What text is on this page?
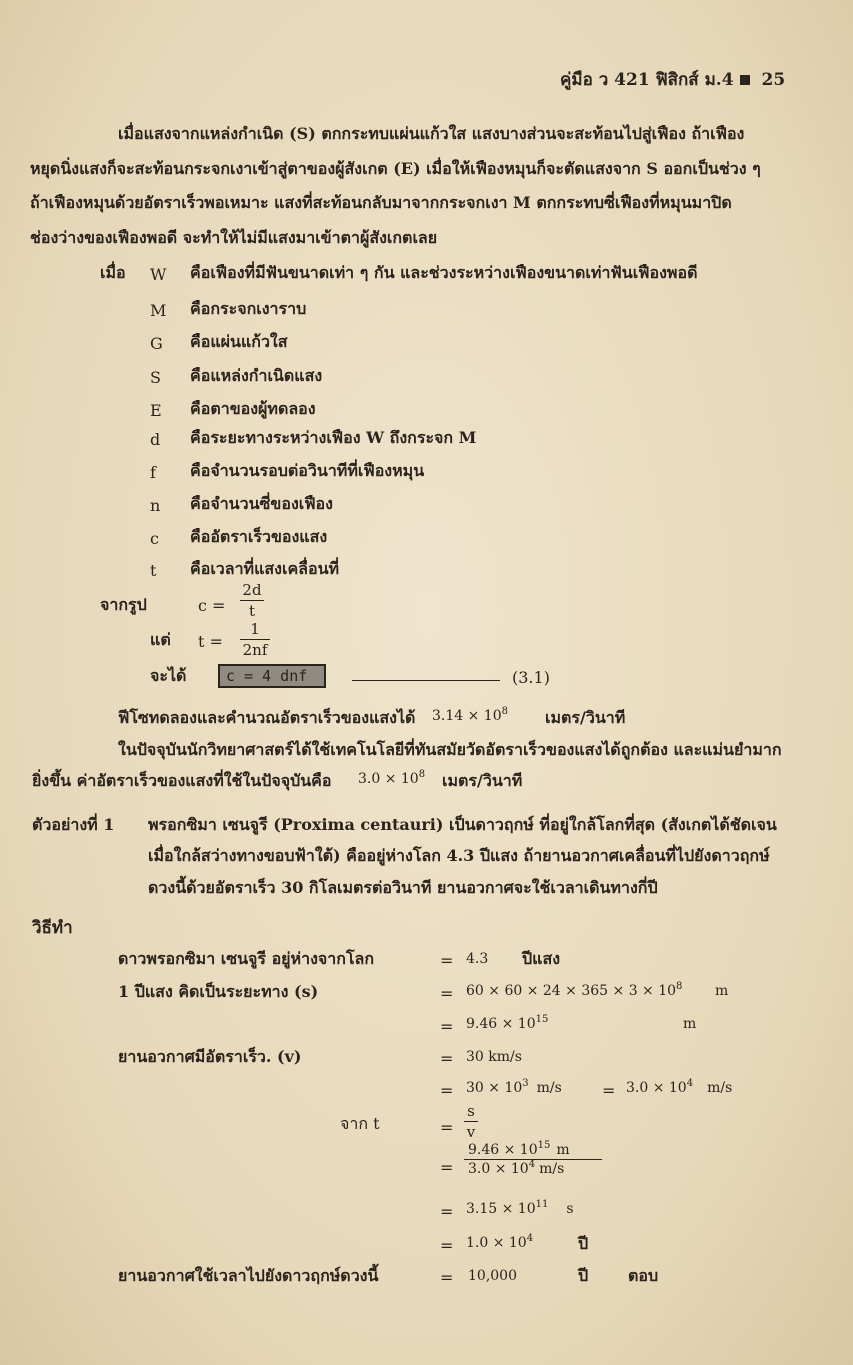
คู่มือ ว 421 ฟิสิกส์ ม.4 25
เมื่อแสงจากแหล่งกำเนิด (S) ตกกระทบแผ่นแก้วใส แสงบางส่วนจะสะท้อนไปสู่เฟือง ถ้าเฟือง
หยุดนิ่งแสงก็จะสะท้อนกระจกเงาเข้าสู่ตาของผู้สังเกต (E) เมื่อให้เฟืองหมุนก็จะตัดแสงจาก S ออกเป็นช่วง ๆ
ถ้าเฟืองหมุนด้วยอัตราเร็วพอเหมาะ แสงที่สะท้อนกลับมาจากกระจกเงา M ตกกระทบซี่เฟืองที่หมุนมาปิด
ช่องว่างของเฟืองพอดี จะทำให้ไม่มีแสงมาเข้าตาผู้สังเกตเลย
เมื่อ W คือเฟืองที่มีฟันขนาดเท่า ๆ กัน และช่วงระหว่างเฟืองขนาดเท่าฟันเฟืองพอดี
M คือกระจกเงาราบ
G คือแผ่นแก้วใส
S คือแหล่งกำเนิดแสง
E คือตาของผู้ทดลอง
d คือระยะทางระหว่างเฟือง W ถึงกระจก M
f คือจำนวนรอบต่อวินาทีที่เฟืองหมุน
n คือจำนวนซี่ของเฟือง
c คืออัตราเร็วของแสง
t คือเวลาที่แสงเคลื่อนที่
จากรูป	c =
2d
t
แต่ t =
1
2nf
จะได้	c = 4 dnf	(3.1)
ฟีโซทดลองและคำนวณอัตราเร็วของแสงได้ $3.14 \times 10^8$ เมตร/วินาที
ในปัจจุบันนักวิทยาศาสตร์ได้ใช้เทคโนโลยีที่ทันสมัยวัดอัตราเร็วของแสงได้ถูกต้อง และแม่นยำมาก
ยิ่งขึ้น ค่าอัตราเร็วของแสงที่ใช้ในปัจจุบันคือ $3.0 \times 10^8$ เมตร/วินาที
ตัวอย่างที่ 1 พรอกซิมา เซนจูรี (Proxima centauri) เป็นดาวฤกษ์ ที่อยู่ใกล้โลกที่สุด (สังเกตได้ชัดเจน
เมื่อใกล้สว่างทางขอบฟ้าใต้) คืออยู่ห่างโลก 4.3 ปีแสง ถ้ายานอวกาศเคลื่อนที่ไปยังดาวฤกษ์
ดวงนี้ด้วยอัตราเร็ว 30 กิโลเมตรต่อวินาที ยานอวกาศจะใช้เวลาเดินทางกี่ปี
วิธีทำ
ดาวพรอกซิมา เซนจูรี อยู่ห่างจากโลก	= 4.3 ปีแสง
1 ปีแสง คิดเป็นระยะทาง (s)	= $60 \times 60 \times 24 \times 365 \times 3 \times 10^8$ m
= $9.46 \times 10^{15}$	m
ยานอวกาศมีอัตราเร็ว. (v)	= 30 km/s
= $30 \times 10^3$ m/s	= $3.0 \times 10^4$ m/s
จาก t	=
s
v
=
$9.46 \times 10^{15}$ m
$3.0 \times 10^4$ m/s
= $3.15 \times 10^{11}$ s
= $1.0 \times 10^4$	ปี
ยานอวกาศใช้เวลาไปยังดาวฤกษ์ดวงนี้	= 10,000	ปี ตอบ
